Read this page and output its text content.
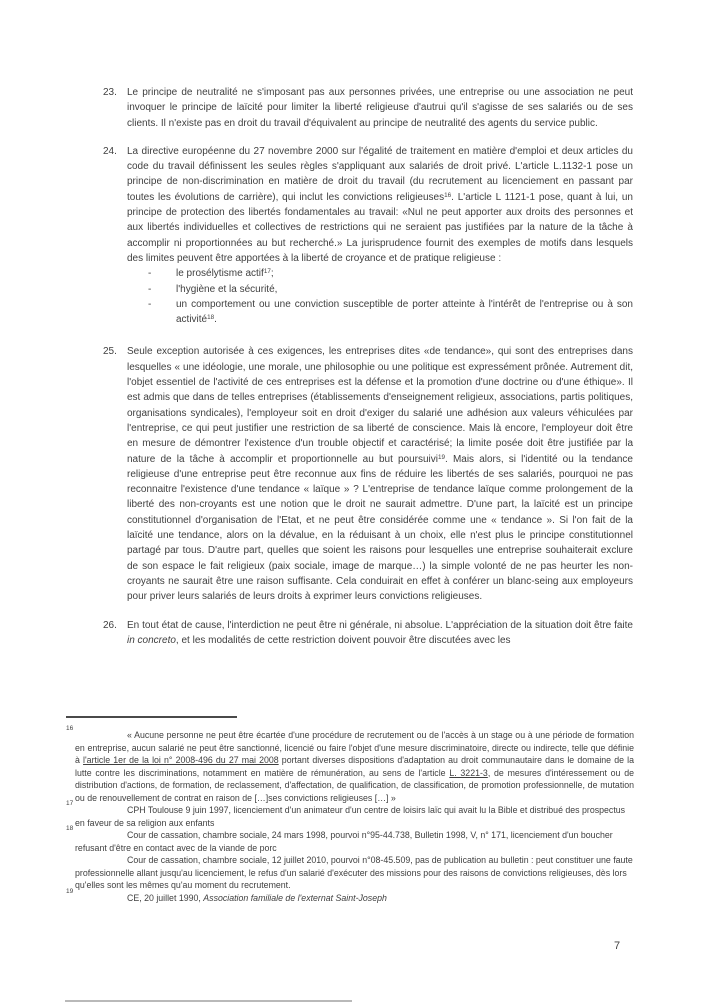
23. Le principe de neutralité ne s'imposant pas aux personnes privées, une entreprise ou une association ne peut invoquer le principe de laïcité pour limiter la liberté religieuse d'autrui qu'il s'agisse de ses salariés ou de ses clients. Il n'existe pas en droit du travail d'équivalent au principe de neutralité des agents du service public.
24. La directive européenne du 27 novembre 2000 sur l'égalité de traitement en matière d'emploi et deux articles du code du travail définissent les seules règles s'appliquant aux salariés de droit privé. L'article L.1132-1 pose un principe de non-discrimination en matière de droit du travail (du recrutement au licenciement en passant par toutes les évolutions de carrière), qui inclut les convictions religieuses$^{16}$. L'article L 1121-1 pose, quant à lui, un principe de protection des libertés fondamentales au travail: «Nul ne peut apporter aux droits des personnes et aux libertés individuelles et collectives de restrictions qui ne seraient pas justifiées par la nature de la tâche à accomplir ni proportionnées au but recherché.» La jurisprudence fournit des exemples de motifs dans lesquels des limites peuvent être apportées à la liberté de croyance et de pratique religieuse :
- le prosélytisme actif$^{17}$;
- l'hygiène et la sécurité,
- un comportement ou une conviction susceptible de porter atteinte à l'intérêt de l'entreprise ou à son activité$^{18}$.
25. Seule exception autorisée à ces exigences, les entreprises dites «de tendance», qui sont des entreprises dans lesquelles « une idéologie, une morale, une philosophie ou une politique est expressément prônée. Autrement dit, l'objet essentiel de l'activité de ces entreprises est la défense et la promotion d'une doctrine ou d'une éthique». Il est admis que dans de telles entreprises (établissements d'enseignement religieux, associations, partis politiques, organisations syndicales), l'employeur soit en droit d'exiger du salarié une adhésion aux valeurs véhiculées par l'entreprise, ce qui peut justifier une restriction de sa liberté de conscience. Mais là encore, l'employeur doit être en mesure de démontrer l'existence d'un trouble objectif et caractérisé; la limite posée doit être justifiée par la nature de la tâche à accomplir et proportionnelle au but poursuivi$^{19}$. Mais alors, si l'identité ou la tendance religieuse d'une entreprise peut être reconnue aux fins de réduire les libertés de ses salariés, pourquoi ne pas reconnaitre l'existence d'une tendance « laïque » ? L'entreprise de tendance laïque comme prolongement de la liberté des non-croyants est une notion que le droit ne saurait admettre. D'une part, la laïcité est un principe constitutionnel d'organisation de l'Etat, et ne peut être considérée comme une « tendance ». Si l'on fait de la laïcité une tendance, alors on la dévalue, en la réduisant à un choix, elle n'est plus le principe constitutionnel partagé par tous. D'autre part, quelles que soient les raisons pour lesquelles une entreprise souhaiterait exclure de son espace le fait religieux (paix sociale, image de marque…) la simple volonté de ne pas heurter les non-croyants ne saurait être une raison suffisante. Cela conduirait en effet à conférer un blanc-seing aux employeurs pour priver leurs salariés de leurs droits à exprimer leurs convictions religieuses.
26. En tout état de cause, l'interdiction ne peut être ni générale, ni absolue. L'appréciation de la situation doit être faite in concreto, et les modalités de cette restriction doivent pouvoir être discutées avec les
16
« Aucune personne ne peut être écartée d'une procédure de recrutement ou de l'accès à un stage ou à une période de formation en entreprise, aucun salarié ne peut être sanctionné, licencié ou faire l'objet d'une mesure discriminatoire, directe ou indirecte, telle que définie à l'article 1er de la loi n° 2008-496 du 27 mai 2008 portant diverses dispositions d'adaptation au droit communautaire dans le domaine de la lutte contre les discriminations, notamment en matière de rémunération, au sens de l'article L. 3221-3, de mesures d'intéressement ou de distribution d'actions, de formation, de reclassement, d'affectation, de qualification, de classification, de promotion professionnelle, de mutation ou de renouvellement de contrat en raison de […]ses convictions religieuses […] »
17
CPH Toulouse 9 juin 1997, licenciement d'un animateur d'un centre de loisirs laïc qui avait lu la Bible et distribué des prospectus en faveur de sa religion aux enfants
18
Cour de cassation, chambre sociale, 24 mars 1998, pourvoi n°95-44.738, Bulletin 1998, V, n° 171, licenciement d'un boucher refusant d'être en contact avec de la viande de porc
Cour de cassation, chambre sociale, 12 juillet 2010, pourvoi n°08-45.509, pas de publication au bulletin : peut constituer une faute professionnelle allant jusqu'au licenciement, le refus d'un salarié d'exécuter des missions pour des raisons de convictions religieuses, dès lors qu'elles sont les mêmes qu'au moment du recrutement.
19
CE, 20 juillet 1990, Association familiale de l'externat Saint-Joseph
7
